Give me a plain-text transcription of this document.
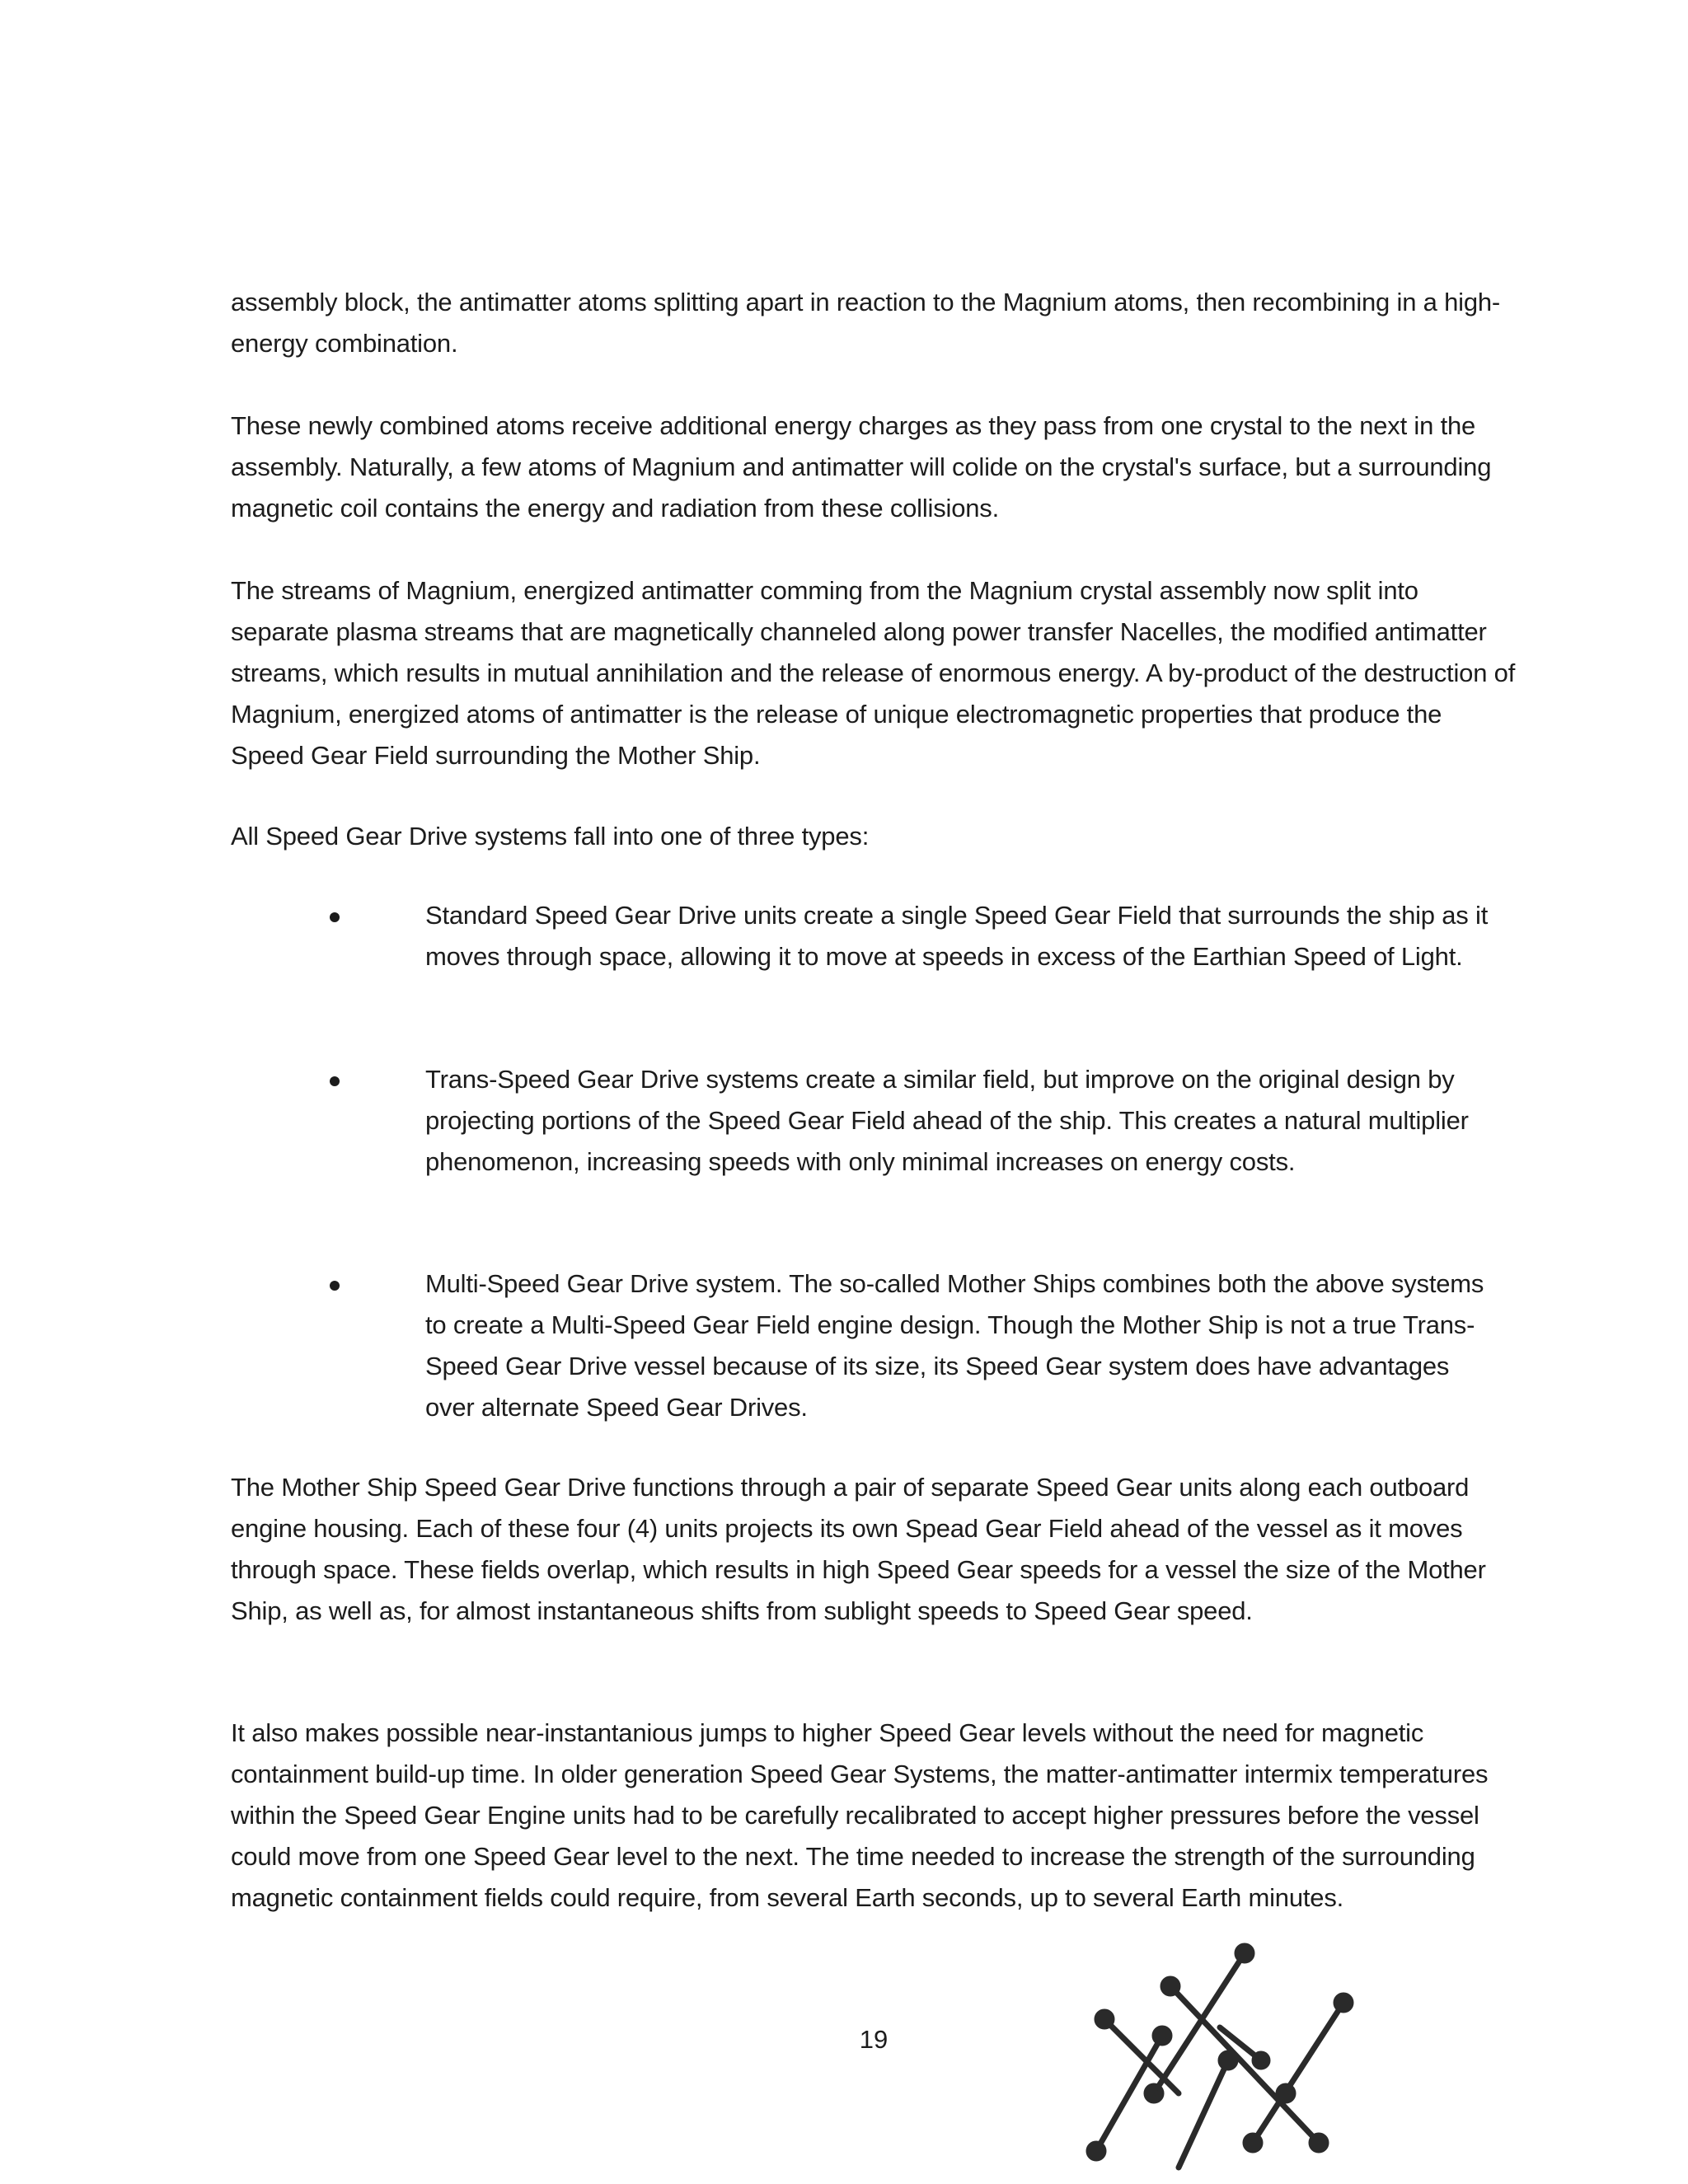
assembly block, the antimatter atoms splitting apart in reaction to the Magnium atoms, then recombining in a high-energy combination.

These newly combined atoms receive additional energy charges as they pass from one crystal to the next in the assembly. Naturally, a few atoms of Magnium and antimatter will colide on the crystal's surface, but a surrounding magnetic coil contains the energy and radiation from these collisions.

The streams of Magnium, energized antimatter comming from the Magnium crystal assembly now split into separate plasma streams that are magnetically channeled along power transfer Nacelles, the modified antimatter streams, which results in mutual annihilation and the release of enormous energy. A by-product of the destruction of Magnium, energized atoms of antimatter is the release of unique electromagnetic properties that produce the Speed Gear Field surrounding the Mother Ship.

All Speed Gear Drive systems fall into one of three types:

Standard Speed Gear Drive units create a single Speed Gear Field that surrounds the ship as it moves through space, allowing it to move at speeds in excess of the Earthian Speed of Light.
Trans-Speed Gear Drive systems create a similar field, but improve on the original design by projecting portions of the Speed Gear Field ahead of the ship. This creates a natural multiplier phenomenon, increasing speeds with only minimal increases on energy costs.
Multi-Speed Gear Drive system. The so-called Mother Ships combines both the above systems to create a Multi-Speed Gear Field engine design. Though the Mother Ship is not a true Trans-Speed Gear Drive vessel because of its size, its Speed Gear system does have advantages over alternate Speed Gear Drives.

The Mother Ship Speed Gear Drive functions through a pair of separate Speed Gear units along each outboard engine housing. Each of these four (4) units projects its own Spead Gear Field ahead of the vessel as it moves through space. These fields overlap, which results in high Speed Gear speeds for a vessel the size of the Mother Ship, as well as, for almost instantaneous shifts from sublight speeds to Speed Gear speed.

It also makes possible near-instantanious jumps to higher Speed Gear levels without the need for magnetic containment build-up time. In older generation Speed Gear Systems, the matter-antimatter intermix temperatures within the Speed Gear Engine units had to be carefully recalibrated to accept higher pressures before the vessel could move from one Speed Gear level to the next. The time needed to increase the strength of the surrounding magnetic containment fields could require, from several Earth seconds, up to several Earth minutes.

19
